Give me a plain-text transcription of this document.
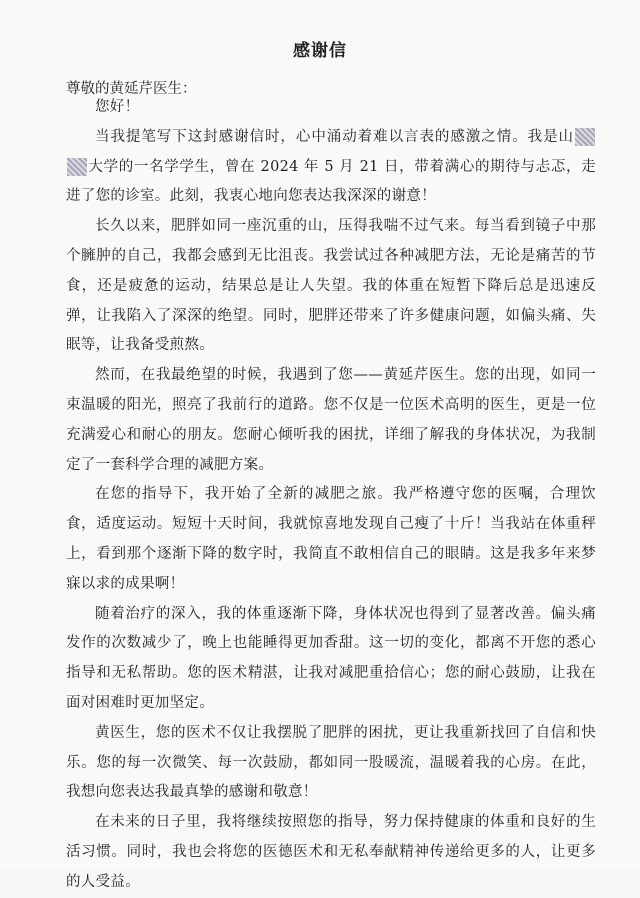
感谢信
尊敬的黄延芹医生：

您好！

当我提笔写下这封感谢信时，心中涌动着难以言表的感激之情。我是山大学的一名学学生，曾在 2024 年 5 月 21 日，带着满心的期待与忐忑，走进了您的诊室。此刻，我衷心地向您表达我深深的谢意！

长久以来，肥胖如同一座沉重的山，压得我喘不过气来。每当看到镜子中那个臃肿的自己，我都会感到无比沮丧。我尝试过各种减肥方法，无论是痛苦的节食，还是疲惫的运动，结果总是让人失望。我的体重在短暂下降后总是迅速反弹，让我陷入了深深的绝望。同时，肥胖还带来了许多健康问题，如偏头痛、失眠等，让我备受煎熬。

然而，在我最绝望的时候，我遇到了您——黄延芹医生。您的出现，如同一束温暖的阳光，照亮了我前行的道路。您不仅是一位医术高明的医生，更是一位充满爱心和耐心的朋友。您耐心倾听我的困扰，详细了解我的身体状况，为我制定了一套科学合理的减肥方案。

在您的指导下，我开始了全新的减肥之旅。我严格遵守您的医嘱，合理饮食，适度运动。短短十天时间，我就惊喜地发现自己瘦了十斤！当我站在体重秤上，看到那个逐渐下降的数字时，我简直不敢相信自己的眼睛。这是我多年来梦寐以求的成果啊！

随着治疗的深入，我的体重逐渐下降，身体状况也得到了显著改善。偏头痛发作的次数减少了，晚上也能睡得更加香甜。这一切的变化，都离不开您的悉心指导和无私帮助。您的医术精湛，让我对减肥重拾信心；您的耐心鼓励，让我在面对困难时更加坚定。

黄医生，您的医术不仅让我摆脱了肥胖的困扰，更让我重新找回了自信和快乐。您的每一次微笑、每一次鼓励，都如同一股暖流，温暖着我的心房。在此，我想向您表达我最真挚的感谢和敬意！

在未来的日子里，我将继续按照您的指导，努力保持健康的体重和良好的生活习惯。同时，我也会将您的医德医术和无私奉献精神传递给更多的人，让更多的人受益。
